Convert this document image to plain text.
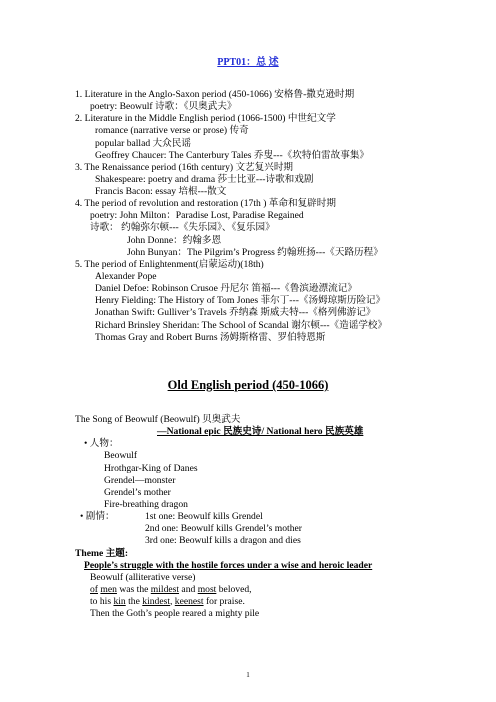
PPT01：总 述
1. Literature in the Anglo-Saxon period (450-1066) 安格鲁-撒克逊时期
poetry: Beowulf 诗歌：《贝奥武夫》
2. Literature in the Middle English period (1066-1500) 中世纪文学
romance (narrative verse or prose) 传奇
popular ballad 大众民谣
Geoffrey Chaucer: The Canterbury Tales 乔叟---《坎特伯雷故事集》
3. The Renaissance period (16th century) 文艺复兴时期
Shakespeare: poetry and drama 莎士比亚---诗歌和戏剧
Francis Bacon: essay 培根---散文
4. The period of revolution and restoration (17th ) 革命和复辟时期
poetry: John Milton：Paradise Lost, Paradise Regained
诗歌： 约翰弥尔顿---《失乐园》、《复乐园》
John Donne：约翰多恩
John Bunyan：The Pilgrim’s Progress 约翰班扬---《天路历程》
5. The period of Enlightenment(启蒙运动)(18th)
Alexander Pope
Daniel Defoe: Robinson Crusoe 丹尼尔 笛福---《鲁滨逊漂流记》
Henry Fielding: The History of Tom Jones 菲尔丁---《汤姆琼斯历险记》
Jonathan Swift: Gulliver’s Travels 乔纳森 斯威夫特---《格列佛游记》
Richard Brinsley Sheridan: The School of Scandal 谢尔顿---《造谣学校》
Thomas Gray and Robert Burns 汤姆斯格雷、罗伯特恩斯
Old English period (450-1066)
The Song of Beowulf (Beowulf) 贝奥武夫
—National epic 民族史诗/ National hero 民族英雄
• 人物：
Beowulf
Hrothgar-King of Danes
Grendel—monster
Grendel’s mother
Fire-breathing dragon
• 剧情：	1st one: Beowulf kills Grendel
2nd one: Beowulf kills Grendel’s mother
3rd one: Beowulf kills a dragon and dies
Theme 主题:
People’s struggle with the hostile forces under a wise and heroic leader
Beowulf (alliterative verse)
of men was the mildest and most beloved,
to his kin the kindest, keenest for praise.
Then the Goth’s people reared a mighty pile
1
